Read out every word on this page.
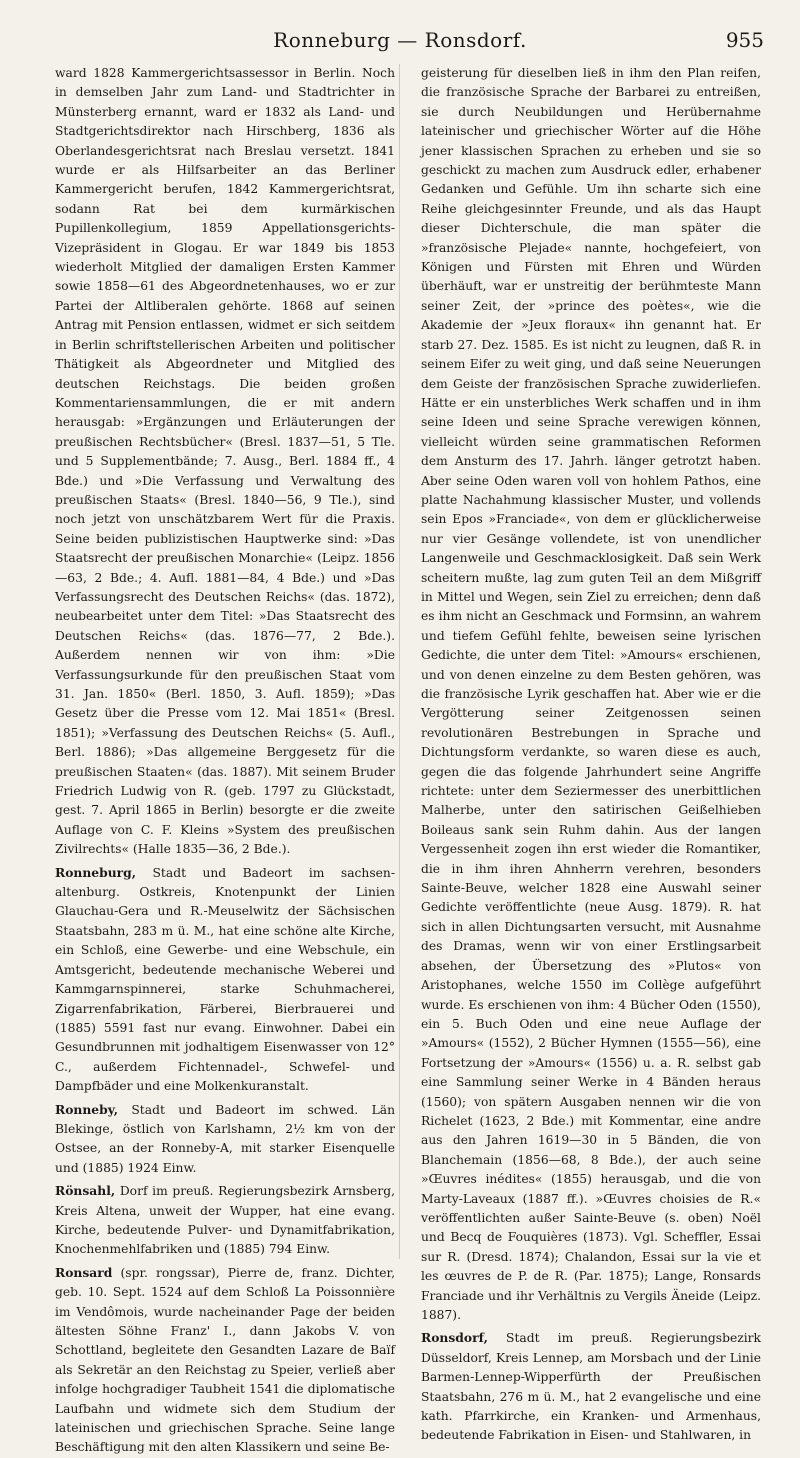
Ronneburg — Ronsdorf.	955

ward 1828 Kammergerichtsassessor in Berlin. Noch in demselben Jahr zum Land- und Stadtrichter in Münsterberg ernannt, ward er 1832 als Land- und Stadtgerichtsdirektor nach Hirschberg, 1836 als Oberlandesgerichtsrat nach Breslau versetzt. 1841 wurde er als Hilfsarbeiter an das Berliner Kammergericht berufen, 1842 Kammergerichtsrat, sodann Rat bei dem kurmärkischen Pupillenkollegium, 1859 Appellationsgerichts-Vizepräsident in Glogau. Er war 1849 bis 1853 wiederholt Mitglied der damaligen Ersten Kammer sowie 1858—61 des Abgeordnetenhauses, wo er zur Partei der Altliberalen gehörte. 1868 auf seinen Antrag mit Pension entlassen, widmet er sich seitdem in Berlin schriftstellerischen Arbeiten und politischer Thätigkeit als Abgeordneter und Mitglied des deutschen Reichstags. Die beiden großen Kommentariensammlungen, die er mit andern herausgab: »Ergänzungen und Erläuterungen der preußischen Rechtsbücher« (Bresl. 1837—51, 5 Tle. und 5 Supplementbände; 7. Ausg., Berl. 1884 ff., 4 Bde.) und »Die Verfassung und Verwaltung des preußischen Staats« (Bresl. 1840—56, 9 Tle.), sind noch jetzt von unschätzbarem Wert für die Praxis. Seine beiden publizistischen Hauptwerke sind: »Das Staatsrecht der preußischen Monarchie« (Leipz. 1856—63, 2 Bde.; 4. Aufl. 1881—84, 4 Bde.) und »Das Verfassungsrecht des Deutschen Reichs« (das. 1872), neubearbeitet unter dem Titel: »Das Staatsrecht des Deutschen Reichs« (das. 1876—77, 2 Bde.). Außerdem nennen wir von ihm: »Die Verfassungsurkunde für den preußischen Staat vom 31. Jan. 1850« (Berl. 1850, 3. Aufl. 1859); »Das Gesetz über die Presse vom 12. Mai 1851« (Bresl. 1851); »Verfassung des Deutschen Reichs« (5. Aufl., Berl. 1886); »Das allgemeine Berggesetz für die preußischen Staaten« (das. 1887). Mit seinem Bruder Friedrich Ludwig von R. (geb. 1797 zu Glückstadt, gest. 7. April 1865 in Berlin) besorgte er die zweite Auflage von C. F. Kleins »System des preußischen Zivilrechts« (Halle 1835—36, 2 Bde.).

Ronneburg, Stadt und Badeort im sachsen-altenburg. Ostkreis, Knotenpunkt der Linien Glauchau-Gera und R.-Meuselwitz der Sächsischen Staatsbahn, 283 m ü. M., hat eine schöne alte Kirche, ein Schloß, eine Gewerbe- und eine Webschule, ein Amtsgericht, bedeutende mechanische Weberei und Kammgarnspinnerei, starke Schuhmacherei, Zigarrenfabrikation, Färberei, Bierbrauerei und (1885) 5591 fast nur evang. Einwohner. Dabei ein Gesundbrunnen mit jodhaltigem Eisenwasser von 12° C., außerdem Fichtennadel-, Schwefel- und Dampfbäder und eine Molkenkuranstalt.

Ronneby, Stadt und Badeort im schwed. Län Blekinge, östlich von Karlshamn, 2½ km von der Ostsee, an der Ronneby-A, mit starker Eisenquelle und (1885) 1924 Einw.

Rönsahl, Dorf im preuß. Regierungsbezirk Arnsberg, Kreis Altena, unweit der Wupper, hat eine evang. Kirche, bedeutende Pulver- und Dynamitfabrikation, Knochenmehlfabriken und (1885) 794 Einw.

Ronsard (spr. rongssar), Pierre de, franz. Dichter, geb. 10. Sept. 1524 auf dem Schloß La Poissonnière im Vendômois, wurde nacheinander Page der beiden ältesten Söhne Franz' I., dann Jakobs V. von Schottland, begleitete den Gesandten Lazare de Baïf als Sekretär an den Reichstag zu Speier, verließ aber infolge hochgradiger Taubheit 1541 die diplomatische Laufbahn und widmete sich dem Studium der lateinischen und griechischen Sprache. Seine lange Beschäftigung mit den alten Klassikern und seine Be-

geisterung für dieselben ließ in ihm den Plan reifen, die französische Sprache der Barbarei zu entreißen, sie durch Neubildungen und Herübernahme lateinischer und griechischer Wörter auf die Höhe jener klassischen Sprachen zu erheben und sie so geschickt zu machen zum Ausdruck edler, erhabener Gedanken und Gefühle. Um ihn scharte sich eine Reihe gleichgesinnter Freunde, und als das Haupt dieser Dichterschule, die man später die »französische Plejade« nannte, hochgefeiert, von Königen und Fürsten mit Ehren und Würden überhäuft, war er unstreitig der berühmteste Mann seiner Zeit, der »prince des poètes«, wie die Akademie der »Jeux floraux« ihn genannt hat. Er starb 27. Dez. 1585. Es ist nicht zu leugnen, daß R. in seinem Eifer zu weit ging, und daß seine Neuerungen dem Geiste der französischen Sprache zuwiderliefen. Hätte er ein unsterbliches Werk schaffen und in ihm seine Ideen und seine Sprache verewigen können, vielleicht würden seine grammatischen Reformen dem Ansturm des 17. Jahrh. länger getrotzt haben. Aber seine Oden waren voll von hohlem Pathos, eine platte Nachahmung klassischer Muster, und vollends sein Epos »Franciade«, von dem er glücklicherweise nur vier Gesänge vollendete, ist von unendlicher Langenweile und Geschmacklosigkeit. Daß sein Werk scheitern mußte, lag zum guten Teil an dem Mißgriff in Mittel und Wegen, sein Ziel zu erreichen; denn daß es ihm nicht an Geschmack und Formsinn, an wahrem und tiefem Gefühl fehlte, beweisen seine lyrischen Gedichte, die unter dem Titel: »Amours« erschienen, und von denen einzelne zu dem Besten gehören, was die französische Lyrik geschaffen hat. Aber wie er die Vergötterung seiner Zeitgenossen seinen revolutionären Bestrebungen in Sprache und Dichtungsform verdankte, so waren diese es auch, gegen die das folgende Jahrhundert seine Angriffe richtete: unter dem Seziermesser des unerbittlichen Malherbe, unter den satirischen Geißelhieben Boileaus sank sein Ruhm dahin. Aus der langen Vergessenheit zogen ihn erst wieder die Romantiker, die in ihm ihren Ahnherrn verehren, besonders Sainte-Beuve, welcher 1828 eine Auswahl seiner Gedichte veröffentlichte (neue Ausg. 1879). R. hat sich in allen Dichtungsarten versucht, mit Ausnahme des Dramas, wenn wir von einer Erstlingsarbeit absehen, der Übersetzung des »Plutos« von Aristophanes, welche 1550 im Collège aufgeführt wurde. Es erschienen von ihm: 4 Bücher Oden (1550), ein 5. Buch Oden und eine neue Auflage der »Amours« (1552), 2 Bücher Hymnen (1555—56), eine Fortsetzung der »Amours« (1556) u. a. R. selbst gab eine Sammlung seiner Werke in 4 Bänden heraus (1560); von spätern Ausgaben nennen wir die von Richelet (1623, 2 Bde.) mit Kommentar, eine andre aus den Jahren 1619—30 in 5 Bänden, die von Blanchemain (1856—68, 8 Bde.), der auch seine »Œuvres inédites« (1855) herausgab, und die von Marty-Laveaux (1887 ff.). »Œuvres choisies de R.« veröffentlichten außer Sainte-Beuve (s. oben) Noël und Becq de Fouquières (1873). Vgl. Scheffler, Essai sur R. (Dresd. 1874); Chalandon, Essai sur la vie et les œuvres de P. de R. (Par. 1875); Lange, Ronsards Franciade und ihr Verhältnis zu Vergils Äneide (Leipz. 1887).

Ronsdorf, Stadt im preuß. Regierungsbezirk Düsseldorf, Kreis Lennep, am Morsbach und der Linie Barmen-Lennep-Wipperfürth der Preußischen Staatsbahn, 276 m ü. M., hat 2 evangelische und eine kath. Pfarrkirche, ein Kranken- und Armenhaus, bedeutende Fabrikation in Eisen- und Stahlwaren, in
